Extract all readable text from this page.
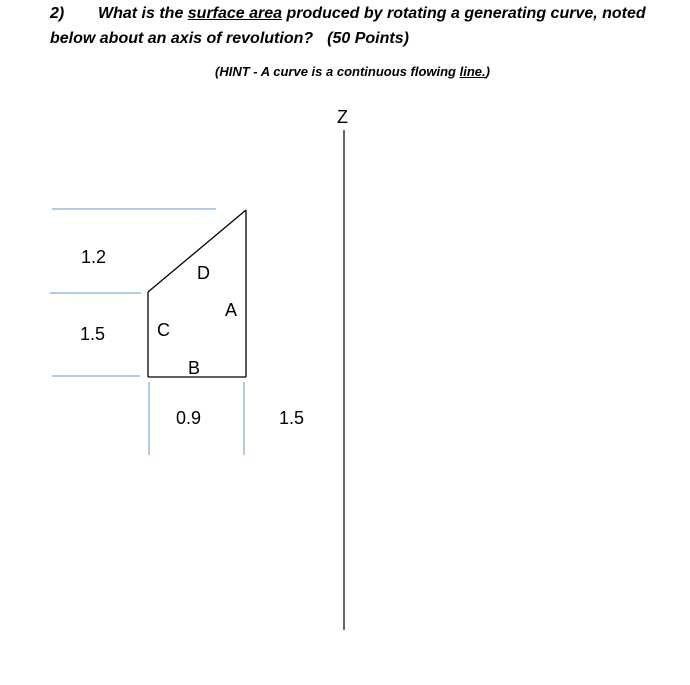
2) What is the surface area produced by rotating a generating curve, noted
below about an axis of revolution? (50 Points)
(HINT - A curve is a continuous flowing line.)
Z
A
B
C
D
1.2
1.5
0.9	1.5
